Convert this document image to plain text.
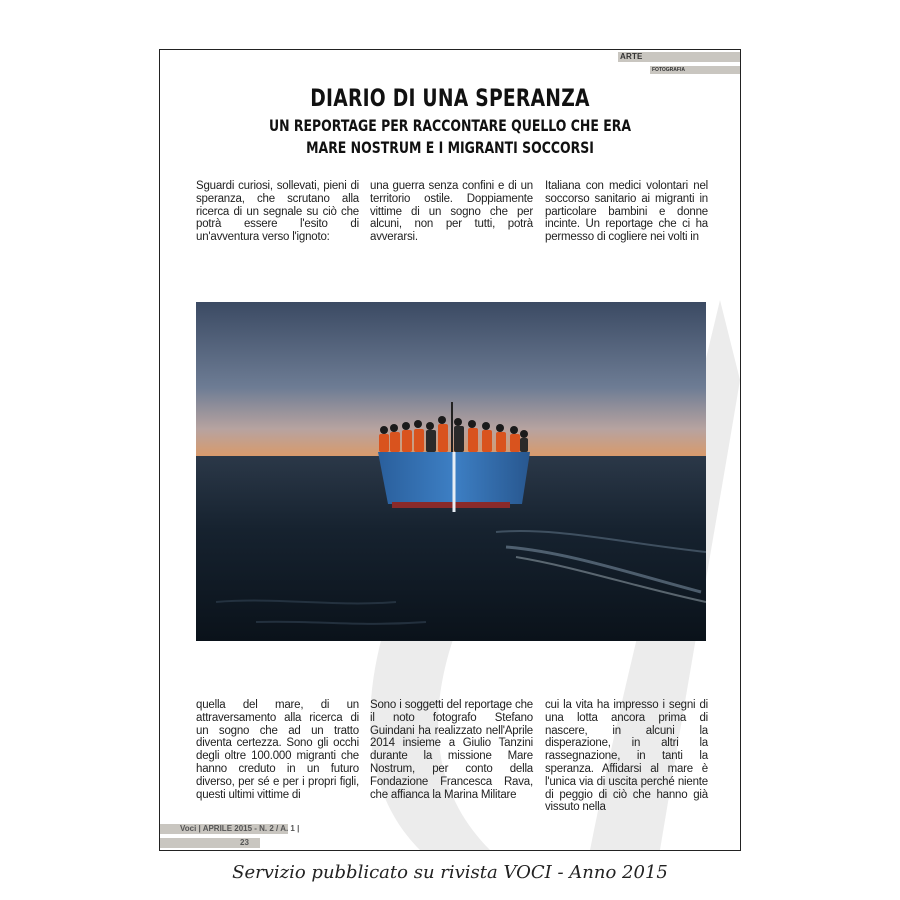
ARTE
FOTOGRAFIA
DIARIO DI UNA SPERANZA
UN REPORTAGE PER RACCONTARE QUELLO CHE ERA
MARE NOSTRUM E I MIGRANTI SOCCORSI
Sguardi curiosi, sollevati, pieni di speranza, che scrutano alla ricerca di un segnale su ciò che potrà essere l'esito di un'avventura verso l'ignoto:
una guerra senza confini e di un territorio ostile. Doppiamente vittime di un sogno che per alcuni, non per tutti, potrà avverarsi.
Italiana con medici volontari nel soccorso sanitario ai migranti in particolare bambini e donne incinte. Un reportage che ci ha permesso di cogliere nei volti in
quella del mare, di un attraversamento alla ricerca di un sogno che ad un tratto diventa certezza. Sono gli occhi degli oltre 100.000 migranti che hanno creduto in un futuro diverso, per sé e per i propri figli, questi ultimi vittime di
Sono i soggetti del reportage che il noto fotografo Stefano Guindani ha realizzato nell'Aprile 2014 insieme a Giulio Tanzini durante la missione Mare Nostrum, per conto della Fondazione Francesca Rava, che affianca la Marina Militare
cui la vita ha impresso i segni di una lotta ancora prima di nascere, in alcuni la disperazione, in altri la rassegnazione, in tanti la speranza. Affidarsi al mare è l'unica via di uscita perché niente di peggio di ciò che hanno già vissuto nella
Voci | APRILE 2015 - N. 2 / A. 1 |
23
Servizio pubblicato su rivista VOCI - Anno 2015
